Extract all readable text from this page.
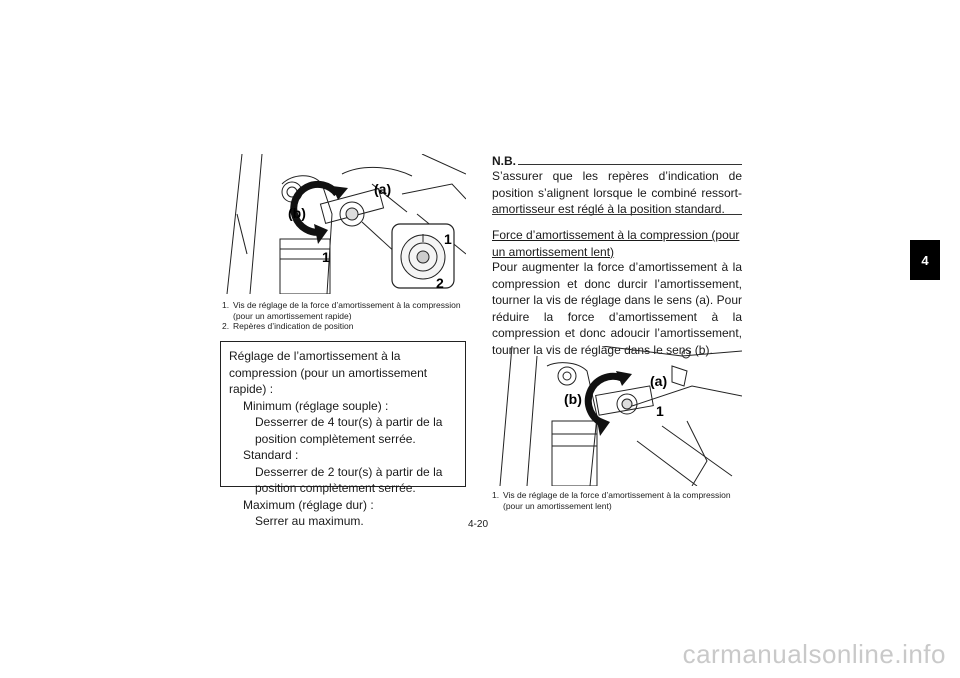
4
(a)
(b)
1
1
2
1. Vis de réglage de la force d’amortissement à la compression (pour un amortissement rapide)
2. Repères d’indication de position
Réglage de l’amortissement à la compression (pour un amortissement rapide) :
Minimum (réglage souple) :
Desserrer de 4 tour(s) à partir de la position complètement serrée.
Standard :
Desserrer de 2 tour(s) à partir de la position complètement serrée.
Maximum (réglage dur) :
Serrer au maximum.
N.B.
S’assurer que les repères d’indication de position s’alignent lorsque le combiné ressort-amortisseur est réglé à la position standard.
Force d’amortissement à la compression (pour un amortissement lent)
Pour augmenter la force d’amortissement à la compression et donc durcir l’amortissement, tourner la vis de réglage dans le sens (a). Pour réduire la force d’amortissement à la compression et donc adoucir l’amortissement, tourner la vis de réglage dans le sens (b).
(a)
(b)
1
1. Vis de réglage de la force d’amortissement à la compression (pour un amortissement lent)
4-20
carmanualsonline.info
